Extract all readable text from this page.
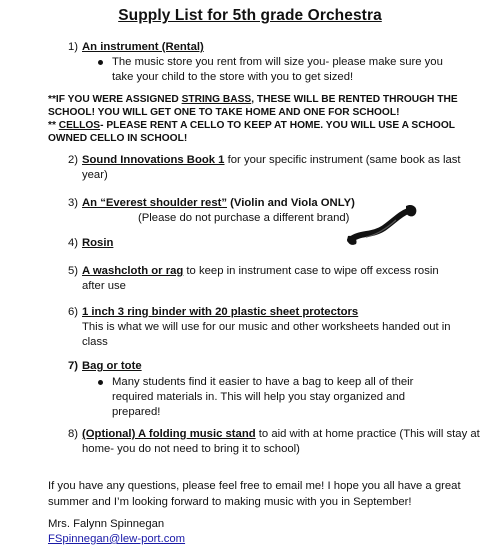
Supply List for 5th grade Orchestra
1) An instrument (Rental)
The music store you rent from will size you- please make sure you take your child to the store with you to get sized!
**IF YOU WERE ASSIGNED STRING BASS, THESE WILL BE RENTED THROUGH THE SCHOOL! YOU WILL GET ONE TO TAKE HOME AND ONE FOR SCHOOL!
** CELLOS- PLEASE RENT A CELLO TO KEEP AT HOME. YOU WILL USE A SCHOOL OWNED CELLO IN SCHOOL!
2) Sound Innovations Book 1 for your specific instrument (same book as last year)
3) An “Everest shoulder rest” (Violin and Viola ONLY)
(Please do not purchase a different brand)
4) Rosin
5) A washcloth or rag to keep in instrument case to wipe off excess rosin after use
6) 1 inch 3 ring binder with 20 plastic sheet protectors
This is what we will use for our music and other worksheets handed out in class
7) Bag or tote
Many students find it easier to have a bag to keep all of their required materials in. This will help you stay organized and prepared!
8) (Optional) A folding music stand to aid with at home practice (This will stay at home- you do not need to bring it to school)
If you have any questions, please feel free to email me! I hope you all have a great summer and I’m looking forward to making music with you in September!
Mrs. Falynn Spinnegan
FSpinnegan@lew-port.com
